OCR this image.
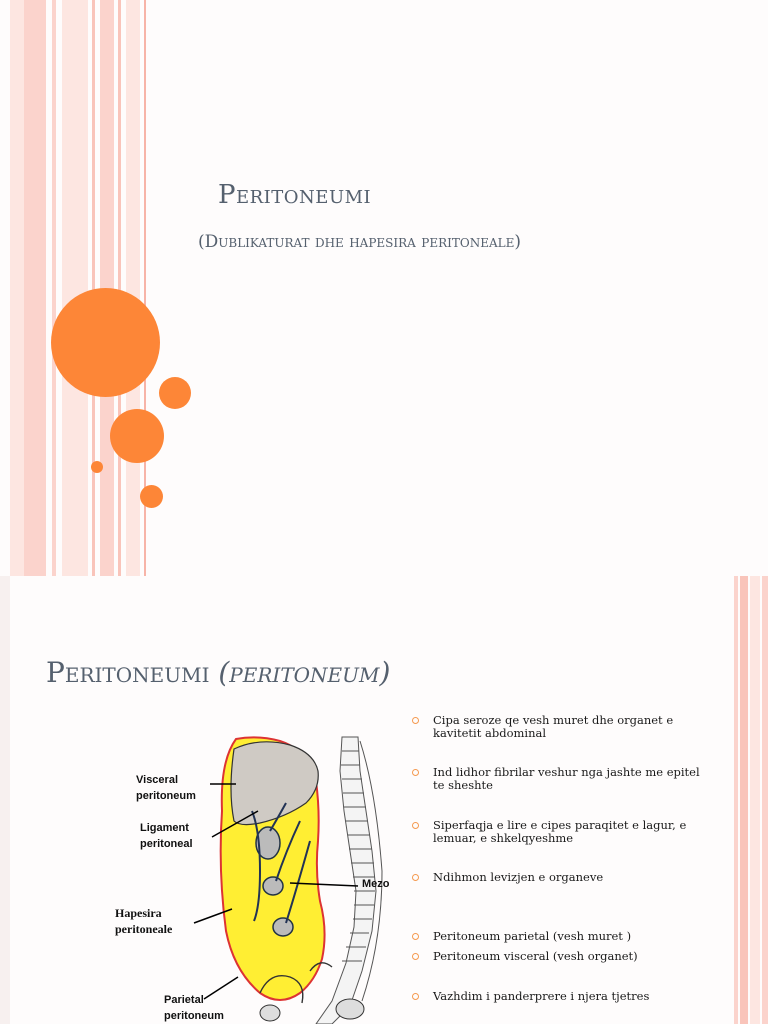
Peritoneumi
(Dublikaturat dhe hapesira peritoneale)
Peritoneumi (peritoneum)
Visceral
peritoneum
Ligament
peritoneal
Mezo
Hapesira
peritoneale
Parietal
peritoneum
Cipa seroze qe vesh muret dhe organet e kavitetit abdominal
Ind lidhor fibrilar veshur nga jashte me epitel te sheshte
Siperfaqja e lire e cipes paraqitet e lagur, e lemuar, e shkelqyeshme
Ndihmon levizjen e organeve
Peritoneum parietal (vesh muret )
Peritoneum visceral (vesh organet)
Vazhdim i panderprere i njera tjetres
